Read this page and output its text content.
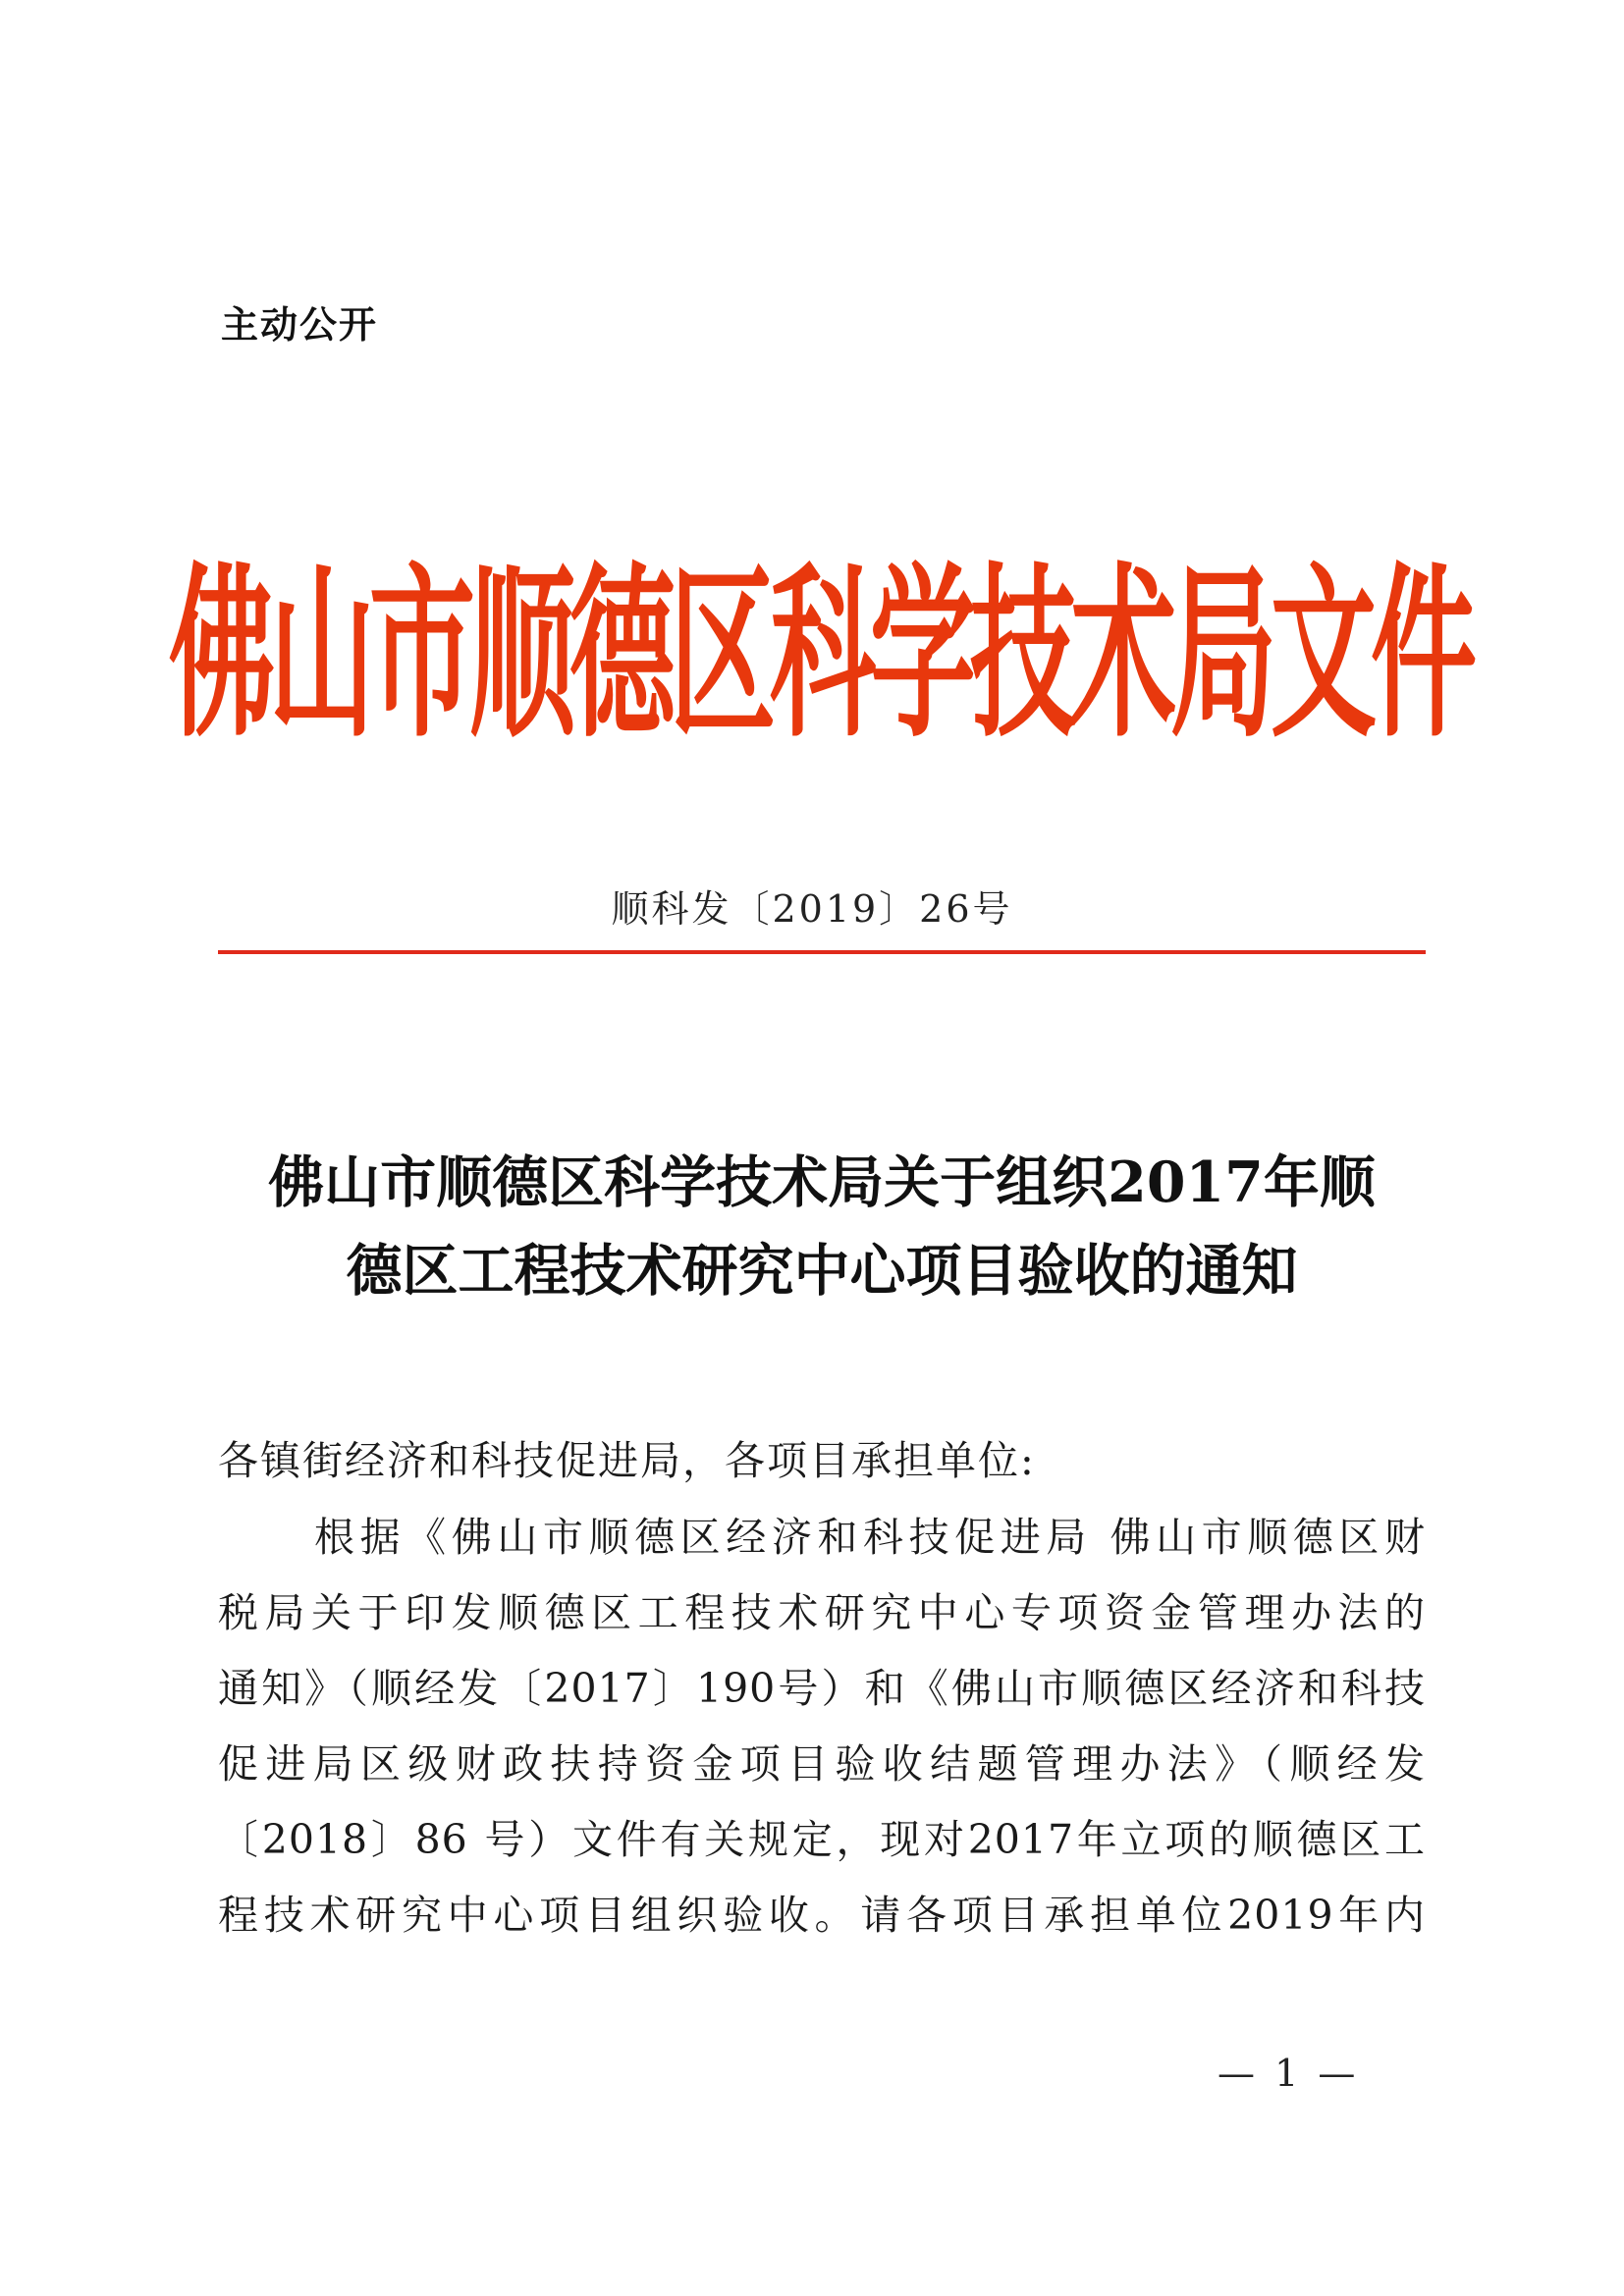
主动公开
佛山市顺德区科学技术局文件
顺科发〔2019〕26号
佛山市顺德区科学技术局关于组织2017年顺
德区工程技术研究中心项目验收的通知
各镇街经济和科技促进局，各项目承担单位:
根据《佛山市顺德区经济和科技促进局 佛山市顺德区财
税局关于印发顺德区工程技术研究中心专项资金管理办法的
通知》（顺经发〔2017〕190号）和《佛山市顺德区经济和科技
促进局区级财政扶持资金项目验收结题管理办法》（顺经发
〔2018〕86 号）文件有关规定，现对2017年立项的顺德区工
程技术研究中心项目组织验收。请各项目承担单位2019年内
— 1 —
